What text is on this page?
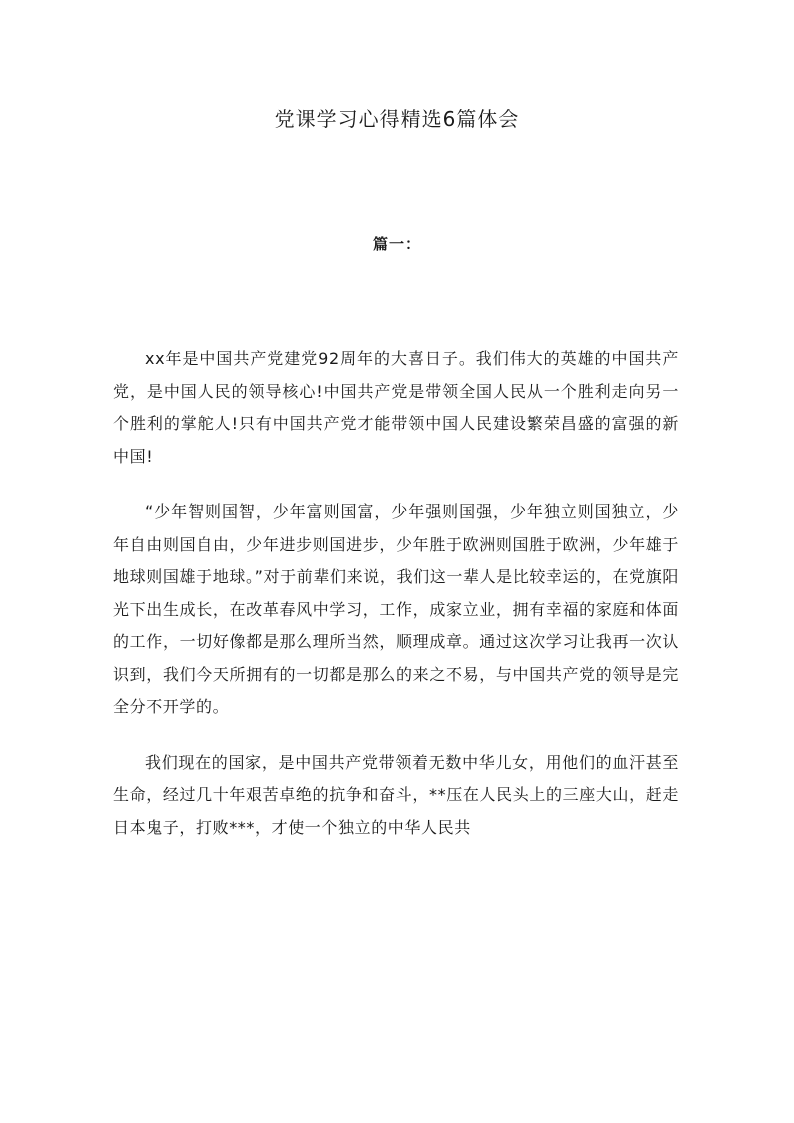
党课学习心得精选6篇体会
篇一：

xx年是中国共产党建党92周年的大喜日子。我们伟大的英雄的中国共产党，是中国人民的领导核心!中国共产党是带领全国人民从一个胜利走向另一个胜利的掌舵人!只有中国共产党才能带领中国人民建设繁荣昌盛的富强的新中国!

“少年智则国智，少年富则国富，少年强则国强，少年独立则国独立，少年自由则国自由，少年进步则国进步，少年胜于欧洲则国胜于欧洲，少年雄于地球则国雄于地球。”对于前辈们来说，我们这一辈人是比较幸运的，在党旗阳光下出生成长，在改革春风中学习，工作，成家立业，拥有幸福的家庭和体面的工作，一切好像都是那么理所当然，顺理成章。通过这次学习让我再一次认识到，我们今天所拥有的一切都是那么的来之不易，与中国共产党的领导是完全分不开学的。

我们现在的国家，是中国共产党带领着无数中华儿女，用他们的血汗甚至生命，经过几十年艰苦卓绝的抗争和奋斗，**压在人民头上的三座大山，赶走日本鬼子，打败***，才使一个独立的中华人民共
